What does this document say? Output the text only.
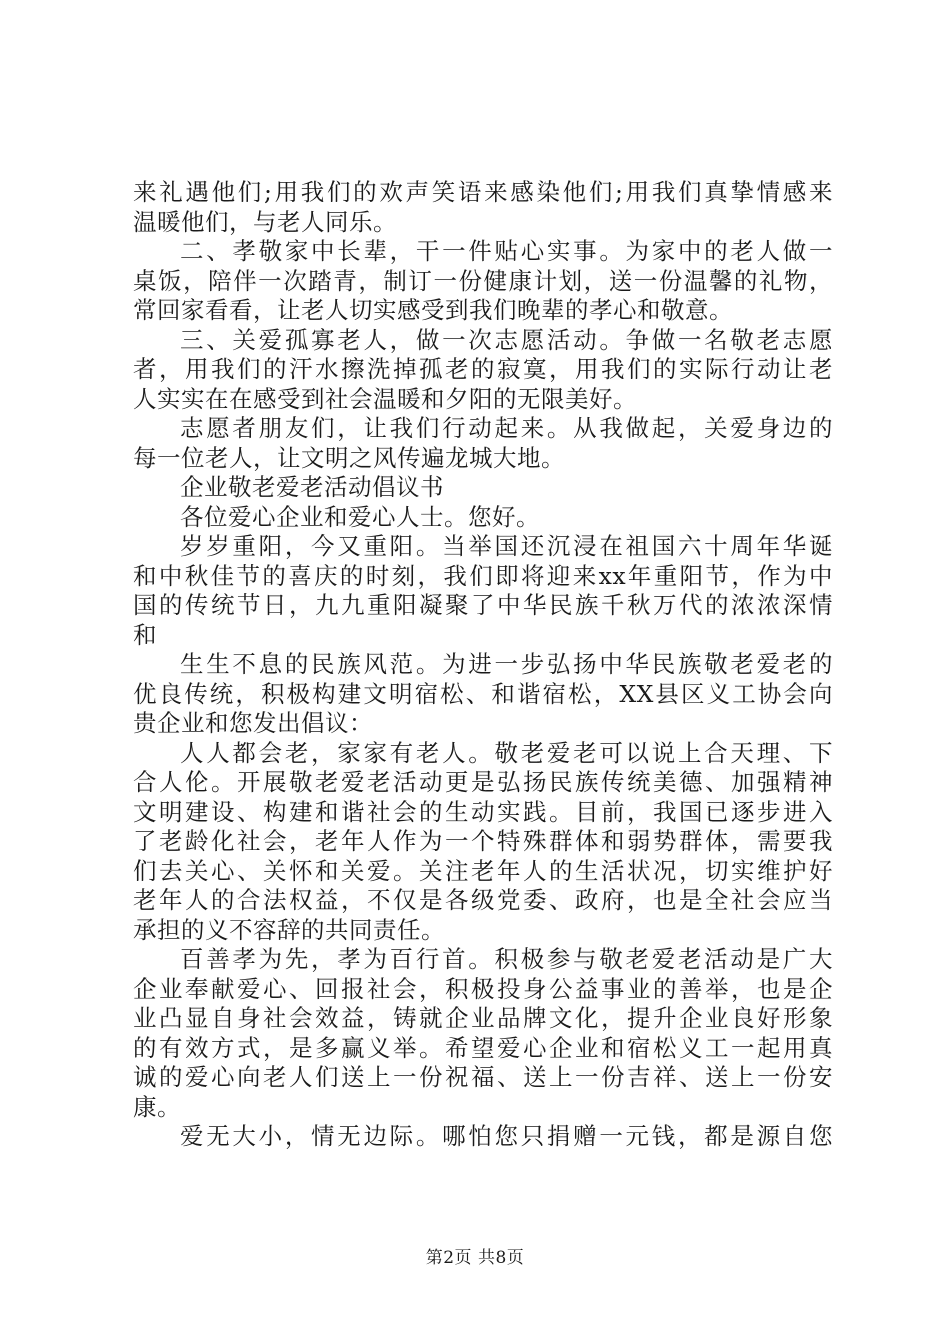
来礼遇他们;用我们的欢声笑语来感染他们;用我们真挚情感来
温暖他们，与老人同乐。
二、孝敬家中长辈，干一件贴心实事。为家中的老人做一
桌饭，陪伴一次踏青，制订一份健康计划，送一份温馨的礼物，
常回家看看，让老人切实感受到我们晚辈的孝心和敬意。
三、关爱孤寡老人，做一次志愿活动。争做一名敬老志愿
者，用我们的汗水擦洗掉孤老的寂寞，用我们的实际行动让老
人实实在在感受到社会温暖和夕阳的无限美好。
志愿者朋友们，让我们行动起来。从我做起，关爱身边的
每一位老人，让文明之风传遍龙城大地。
企业敬老爱老活动倡议书
各位爱心企业和爱心人士。您好。
岁岁重阳，今又重阳。当举国还沉浸在祖国六十周年华诞
和中秋佳节的喜庆的时刻，我们即将迎来xx年重阳节，作为中
国的传统节日，九九重阳凝聚了中华民族千秋万代的浓浓深情
和
生生不息的民族风范。为进一步弘扬中华民族敬老爱老的
优良传统，积极构建文明宿松、和谐宿松，XX县区义工协会向
贵企业和您发出倡议：
人人都会老，家家有老人。敬老爱老可以说上合天理、下
合人伦。开展敬老爱老活动更是弘扬民族传统美德、加强精神
文明建设、构建和谐社会的生动实践。目前，我国已逐步进入
了老龄化社会，老年人作为一个特殊群体和弱势群体，需要我
们去关心、关怀和关爱。关注老年人的生活状况，切实维护好
老年人的合法权益，不仅是各级党委、政府，也是全社会应当
承担的义不容辞的共同责任。
百善孝为先，孝为百行首。积极参与敬老爱老活动是广大
企业奉献爱心、回报社会，积极投身公益事业的善举，也是企
业凸显自身社会效益，铸就企业品牌文化，提升企业良好形象
的有效方式，是多赢义举。希望爱心企业和宿松义工一起用真
诚的爱心向老人们送上一份祝福、送上一份吉祥、送上一份安
康。
爱无大小，情无边际。哪怕您只捐赠一元钱，都是源自您
第2页 共8页
